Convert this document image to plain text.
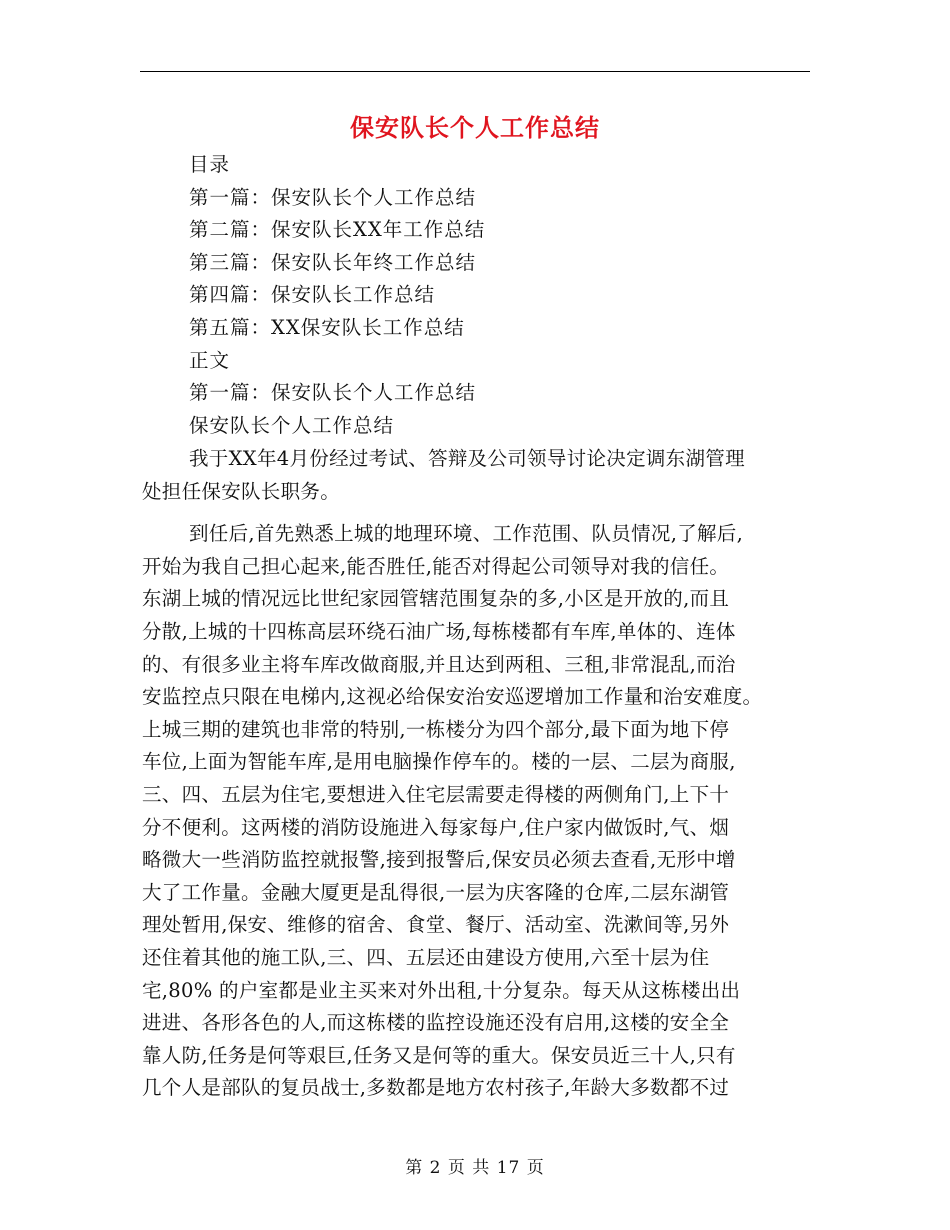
保安队长个人工作总结
目录
第一篇：保安队长个人工作总结
第二篇：保安队长XX年工作总结
第三篇：保安队长年终工作总结
第四篇：保安队长工作总结
第五篇：XX保安队长工作总结
正文
第一篇：保安队长个人工作总结
保安队长个人工作总结
我于XX年4月份经过考试、答辩及公司领导讨论决定调东湖管理
处担任保安队长职务。
到任后,首先熟悉上城的地理环境、工作范围、队员情况,了解后,
开始为我自己担心起来,能否胜任,能否对得起公司领导对我的信任。
东湖上城的情况远比世纪家园管辖范围复杂的多,小区是开放的,而且
分散,上城的十四栋高层环绕石油广场,每栋楼都有车库,单体的、连体
的、有很多业主将车库改做商服,并且达到两租、三租,非常混乱,而治
安监控点只限在电梯内,这视必给保安治安巡逻增加工作量和治安难度。
上城三期的建筑也非常的特别,一栋楼分为四个部分,最下面为地下停
车位,上面为智能车库,是用电脑操作停车的。楼的一层、二层为商服,
三、四、五层为住宅,要想进入住宅层需要走得楼的两侧角门,上下十
分不便利。这两楼的消防设施进入每家每户,住户家内做饭时,气、烟
略微大一些消防监控就报警,接到报警后,保安员必须去查看,无形中增
大了工作量。金融大厦更是乱得很,一层为庆客隆的仓库,二层东湖管
理处暂用,保安、维修的宿舍、食堂、餐厅、活动室、洗漱间等,另外
还住着其他的施工队,三、四、五层还由建设方使用,六至十层为住
宅,80% 的户室都是业主买来对外出租,十分复杂。每天从这栋楼出出
进进、各形各色的人,而这栋楼的监控设施还没有启用,这楼的安全全
靠人防,任务是何等艰巨,任务又是何等的重大。保安员近三十人,只有
几个人是部队的复员战士,多数都是地方农村孩子,年龄大多数都不过
第 2 页 共 17 页
